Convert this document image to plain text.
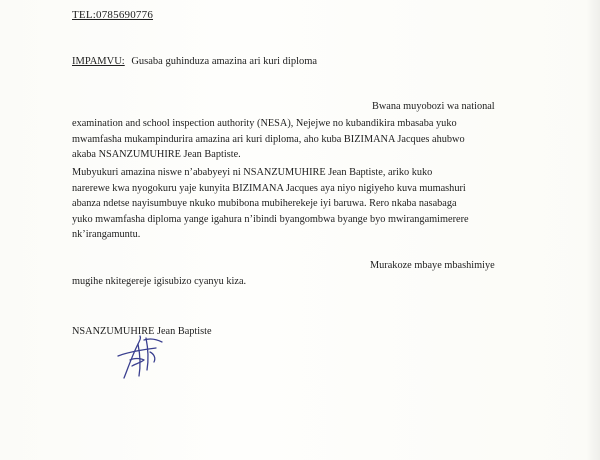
TEL:0785690776
IMPAMVU: Gusaba guhinduza amazina ari kuri diploma
Bwana muyobozi wa national
examination and school inspection authority (NESA), Nejejwe no kubandikira mbasaba yuko
mwamfasha mukampindurira amazina ari kuri diploma, aho kuba BIZIMANA Jacques ahubwo
akaba NSANZUMUHIRE Jean Baptiste.
Mubyukuri amazina niswe n’ababyeyi ni NSANZUMUHIRE Jean Baptiste, ariko kuko
narerewe kwa nyogokuru yaje kunyita BIZIMANA Jacques aya niyo nigiyeho kuva mumashuri
abanza ndetse nayisumbuye nkuko mubibona mubiherekeje iyi baruwa. Rero nkaba nasabaga
yuko mwamfasha diploma yange igahura n’ibindi byangombwa byange byo mwirangamimerere
nk’irangamuntu.
Murakoze mbaye mbashimiye
mugihe nkitegereje igisubizo cyanyu kiza.
NSANZUMUHIRE Jean Baptiste
